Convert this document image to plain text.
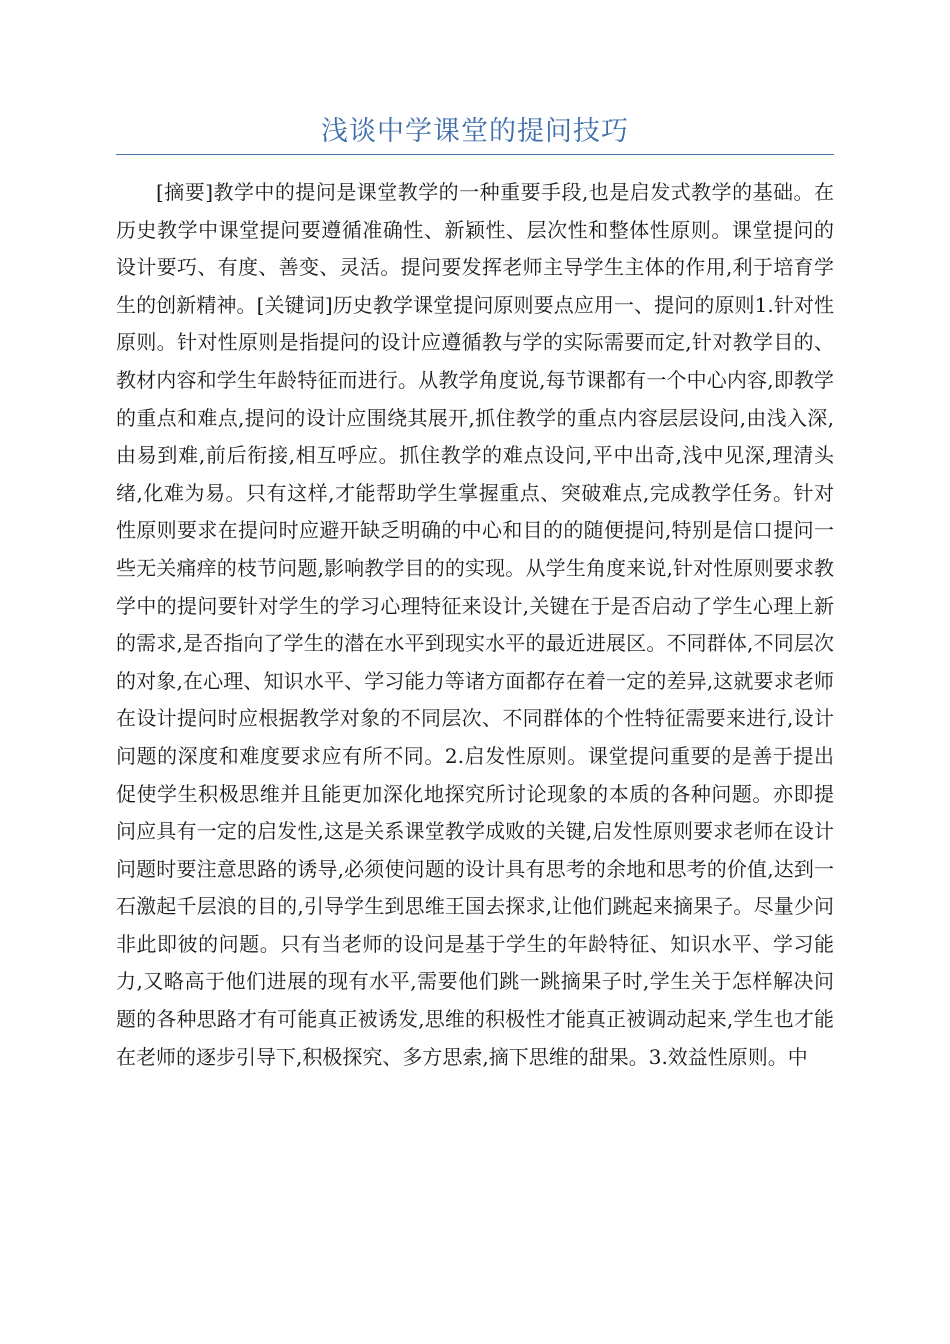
浅谈中学课堂的提问技巧

[摘要]教学中的提问是课堂教学的一种重要手段,也是启发式教学的基础。在历史教学中课堂提问要遵循准确性、新颖性、层次性和整体性原则。课堂提问的设计要巧、有度、善变、灵活。提问要发挥老师主导学生主体的作用,利于培育学生的创新精神。[关键词]历史教学课堂提问原则要点应用一、提问的原则1.针对性原则。针对性原则是指提问的设计应遵循教与学的实际需要而定,针对教学目的、教材内容和学生年龄特征而进行。从教学角度说,每节课都有一个中心内容,即教学的重点和难点,提问的设计应围绕其展开,抓住教学的重点内容层层设问,由浅入深,由易到难,前后衔接,相互呼应。抓住教学的难点设问,平中出奇,浅中见深,理清头绪,化难为易。只有这样,才能帮助学生掌握重点、突破难点,完成教学任务。针对性原则要求在提问时应避开缺乏明确的中心和目的的随便提问,特别是信口提问一些无关痛痒的枝节问题,影响教学目的的实现。从学生角度来说,针对性原则要求教学中的提问要针对学生的学习心理特征来设计,关键在于是否启动了学生心理上新的需求,是否指向了学生的潜在水平到现实水平的最近进展区。不同群体,不同层次的对象,在心理、知识水平、学习能力等诸方面都存在着一定的差异,这就要求老师在设计提问时应根据教学对象的不同层次、不同群体的个性特征需要来进行,设计问题的深度和难度要求应有所不同。2.启发性原则。课堂提问重要的是善于提出促使学生积极思维并且能更加深化地探究所讨论现象的本质的各种问题。亦即提问应具有一定的启发性,这是关系课堂教学成败的关键,启发性原则要求老师在设计问题时要注意思路的诱导,必须使问题的设计具有思考的余地和思考的价值,达到一石激起千层浪的目的,引导学生到思维王国去探求,让他们跳起来摘果子。尽量少问非此即彼的问题。只有当老师的设问是基于学生的年龄特征、知识水平、学习能力,又略高于他们进展的现有水平,需要他们跳一跳摘果子时,学生关于怎样解决问题的各种思路才有可能真正被诱发,思维的积极性才能真正被调动起来,学生也才能在老师的逐步引导下,积极探究、多方思索,摘下思维的甜果。3.效益性原则。中
